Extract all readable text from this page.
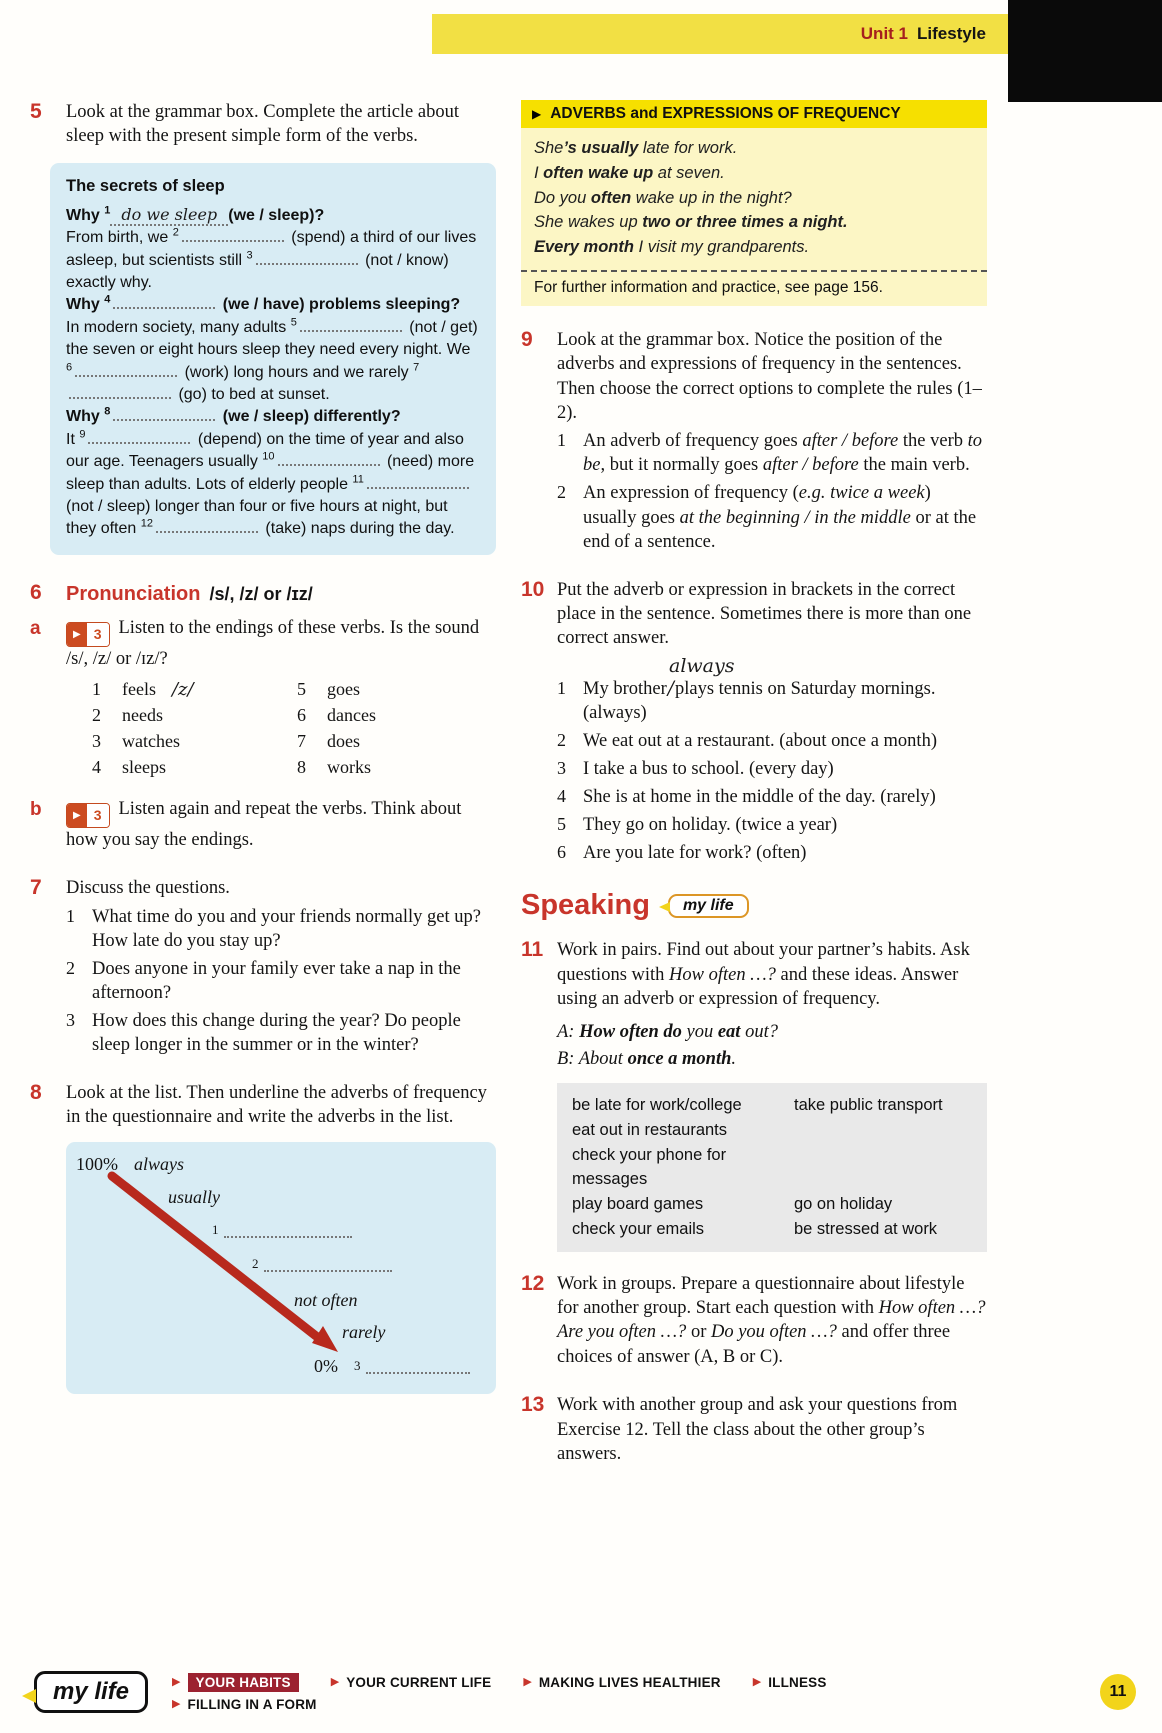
Unit 1 Lifestyle
5	Look at the grammar box. Complete the article about sleep with the present simple form of the verbs.

The secrets of sleep

Why $^1$ do we sleep (we / sleep)?

From birth, we $^2$	(spend) a third of our lives asleep, but scientists still $^3$	(not / know) exactly why.

Why $^4$	(we / have) problems sleeping?

In modern society, many adults $^5$	(not / get) the seven or eight hours sleep they need every night. We $^6$	(work) long hours and we rarely $^7$  (go) to bed at sunset.

Why $^8$	(we / sleep) differently?

It $^9$	(depend) on the time of year and also our age. Teenagers usually $^{10}$	(need) more sleep than adults. Lots of elderly people $^{11}$  (not / sleep) longer than four or five hours at night, but they often $^{12}$	(take) naps during the day.

6	Pronunciation /s/, /z/ or /ɪz/
a	▶ 3 Listen to the endings of these verbs. Is the sound /s/, /z/ or /ɪz/?

1	feels /z/
2	needs
3	watches
4	sleeps
5	goes
6	dances
7	does
8	works
b	▶ 3 Listen again and repeat the verbs. Think about how you say the endings.

7	Discuss the questions.

1 What time do you and your friends normally get up? How late do you stay up?
2 Does anyone in your family ever take a nap in the afternoon?
3 How does this change during the year? Do people sleep longer in the summer or in the winter?
8	Look at the list. Then underline the adverbs of frequency in the questionnaire and write the adverbs in the list.

100% always
usually
$^1$
$^2$
not often
rarely
0% $^3$
▶ ADVERBS and EXPRESSIONS OF FREQUENCY

She’s usually late for work.

I often wake up at seven.

Do you often wake up in the night?

She wakes up two or three times a night.

Every month I visit my grandparents.

For further information and practice, see page 156.
9	Look at the grammar box. Notice the position of the adverbs and expressions of frequency in the sentences. Then choose the correct options to complete the rules (1–2).

1 An adverb of frequency goes after / before the verb to be, but it normally goes after / before the main verb.
2 An expression of frequency (e.g. twice a week) usually goes at the beginning / in the middle or at the end of a sentence.
10 Put the adverb or expression in brackets in the correct place in the sentence. Sometimes there is more than one correct answer.

always
1 My brother/plays tennis on Saturday mornings. (always)
2 We eat out at a restaurant. (about once a month)
3 I take a bus to school. (every day)
4 She is at home in the middle of the day. (rarely)
5 They go on holiday. (twice a year)
6 Are you late for work? (often)
Speaking my life
11 Work in pairs. Find out about your partner’s habits. Ask questions with How often …? and these ideas. Answer using an adverb or expression of frequency.

A: How often do you eat out?

B: About once a month.

be late for work/college	take public transport
eat out in restaurants
check your phone for messages
play board games	go on holiday
check your emails	be stressed at work
12 Work in groups. Prepare a questionnaire about lifestyle for another group. Start each question with How often …? Are you often …? or Do you often …? and offer three choices of answer (A, B or C).

13 Work with another group and ask your questions from Exercise 12. Tell the class about the other group’s answers.

my life	▶	YOUR HABITS	▶ YOUR CURRENT LIFE	▶ MAKING LIVES HEALTHIER	▶ ILLNESS
▶ FILLING IN A FORM
11
